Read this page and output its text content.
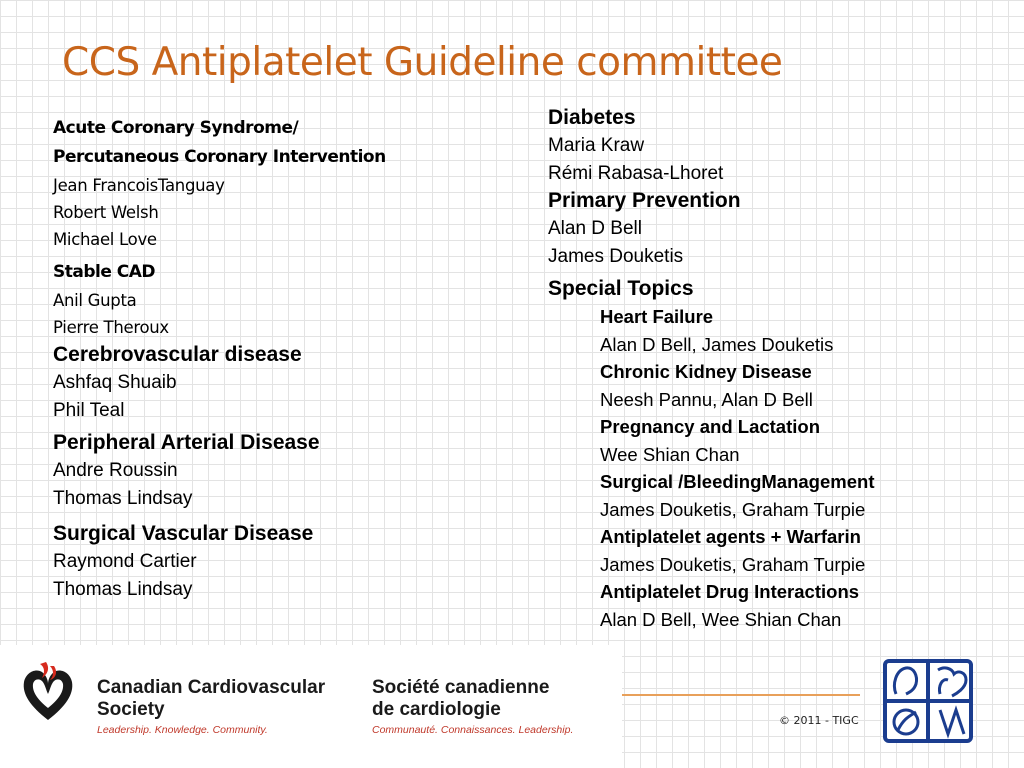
CCS Antiplatelet Guideline committee
Acute Coronary Syndrome/
Percutaneous Coronary Intervention
Jean FrancoisTanguay
Robert Welsh
Michael Love
Stable CAD
Anil Gupta
Pierre Theroux
Cerebrovascular disease
Ashfaq Shuaib
Phil Teal
Peripheral Arterial Disease
Andre Roussin
Thomas Lindsay
Surgical Vascular Disease
Raymond Cartier
Thomas Lindsay
Diabetes
Maria Kraw
Rémi Rabasa-Lhoret
Primary Prevention
Alan D Bell
James Douketis
Special Topics
Heart Failure
Alan D Bell, James Douketis
Chronic Kidney Disease
Neesh Pannu, Alan D Bell
Pregnancy and Lactation
Wee Shian Chan
Surgical /BleedingManagement
James Douketis, Graham Turpie
Antiplatelet agents + Warfarin
James Douketis, Graham Turpie
Antiplatelet Drug Interactions
Alan D Bell, Wee Shian Chan
Canadian Cardiovascular
Society
Leadership. Knowledge. Community.
Société canadienne
de cardiologie
Communauté. Connaissances. Leadership.
© 2011 - TIGC
